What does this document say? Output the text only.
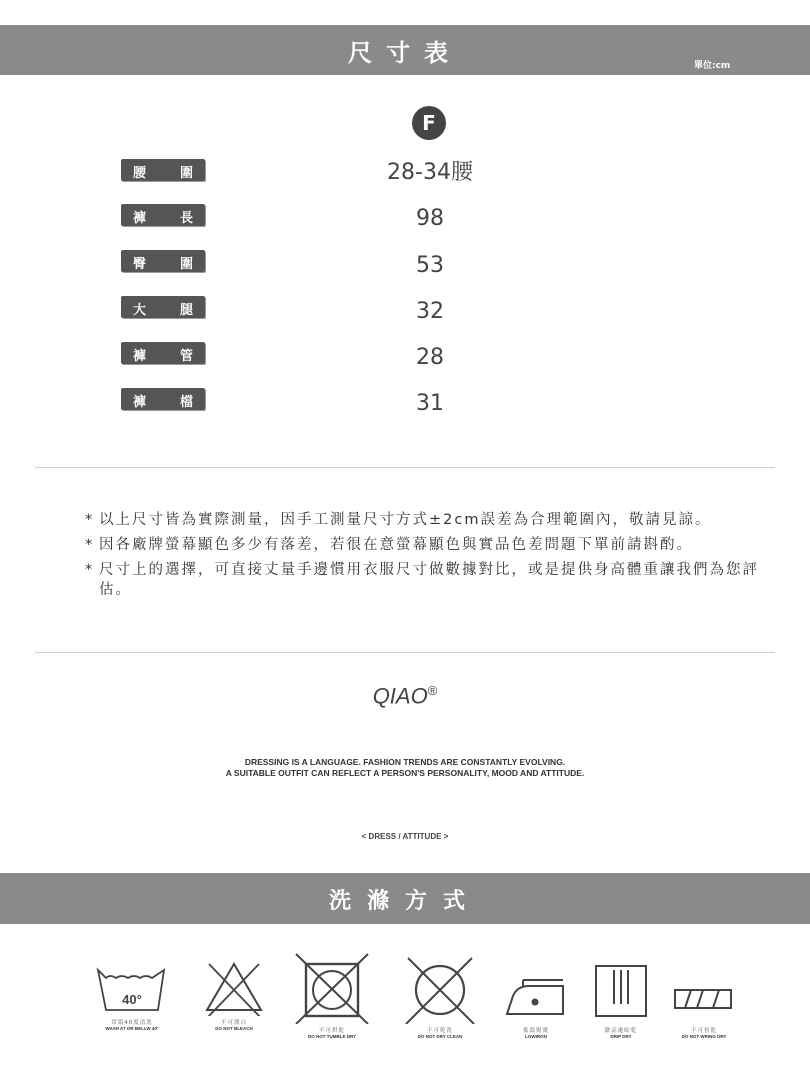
尺寸表	單位:cm
F
腰	圍	28-34腰
褲	長	98
臀	圍	53
大	腿	32
褲	管	28
褲	檔	31
* 以上尺寸皆為實際測量，因手工測量尺寸方式±2cm誤差為合理範圍內，敬請見諒。
* 因各廠牌螢幕顯色多少有落差，若很在意螢幕顯色與實品色差問題下單前請斟酌。
* 尺寸上的選擇，可直接丈量手邊慣用衣服尺寸做數據對比，或是提供身高體重讓我們為您評估。
QIAO®
DRESSING IS A LANGUAGE. FASHION TRENDS ARE CONSTANTLY EVOLVING.
A SUITABLE OUTFIT CAN REFLECT A PERSON'S PERSONALITY, MOOD AND ATTITUDE.
< DRESS / ATTITUDE >
洗滌方式
40°
常溫40度清洗
WASH AT OR BELLW 40°
不可漂白
DO NOT BLEACH	不可烘乾
DO NOT TUMBLE DRY
不可乾洗
DO NOT DRY CLEAN
低溫熨燙
LOWIRON
陰涼處晾乾
DRIP DRY
不可扭乾
DO NOT WRING DRY
